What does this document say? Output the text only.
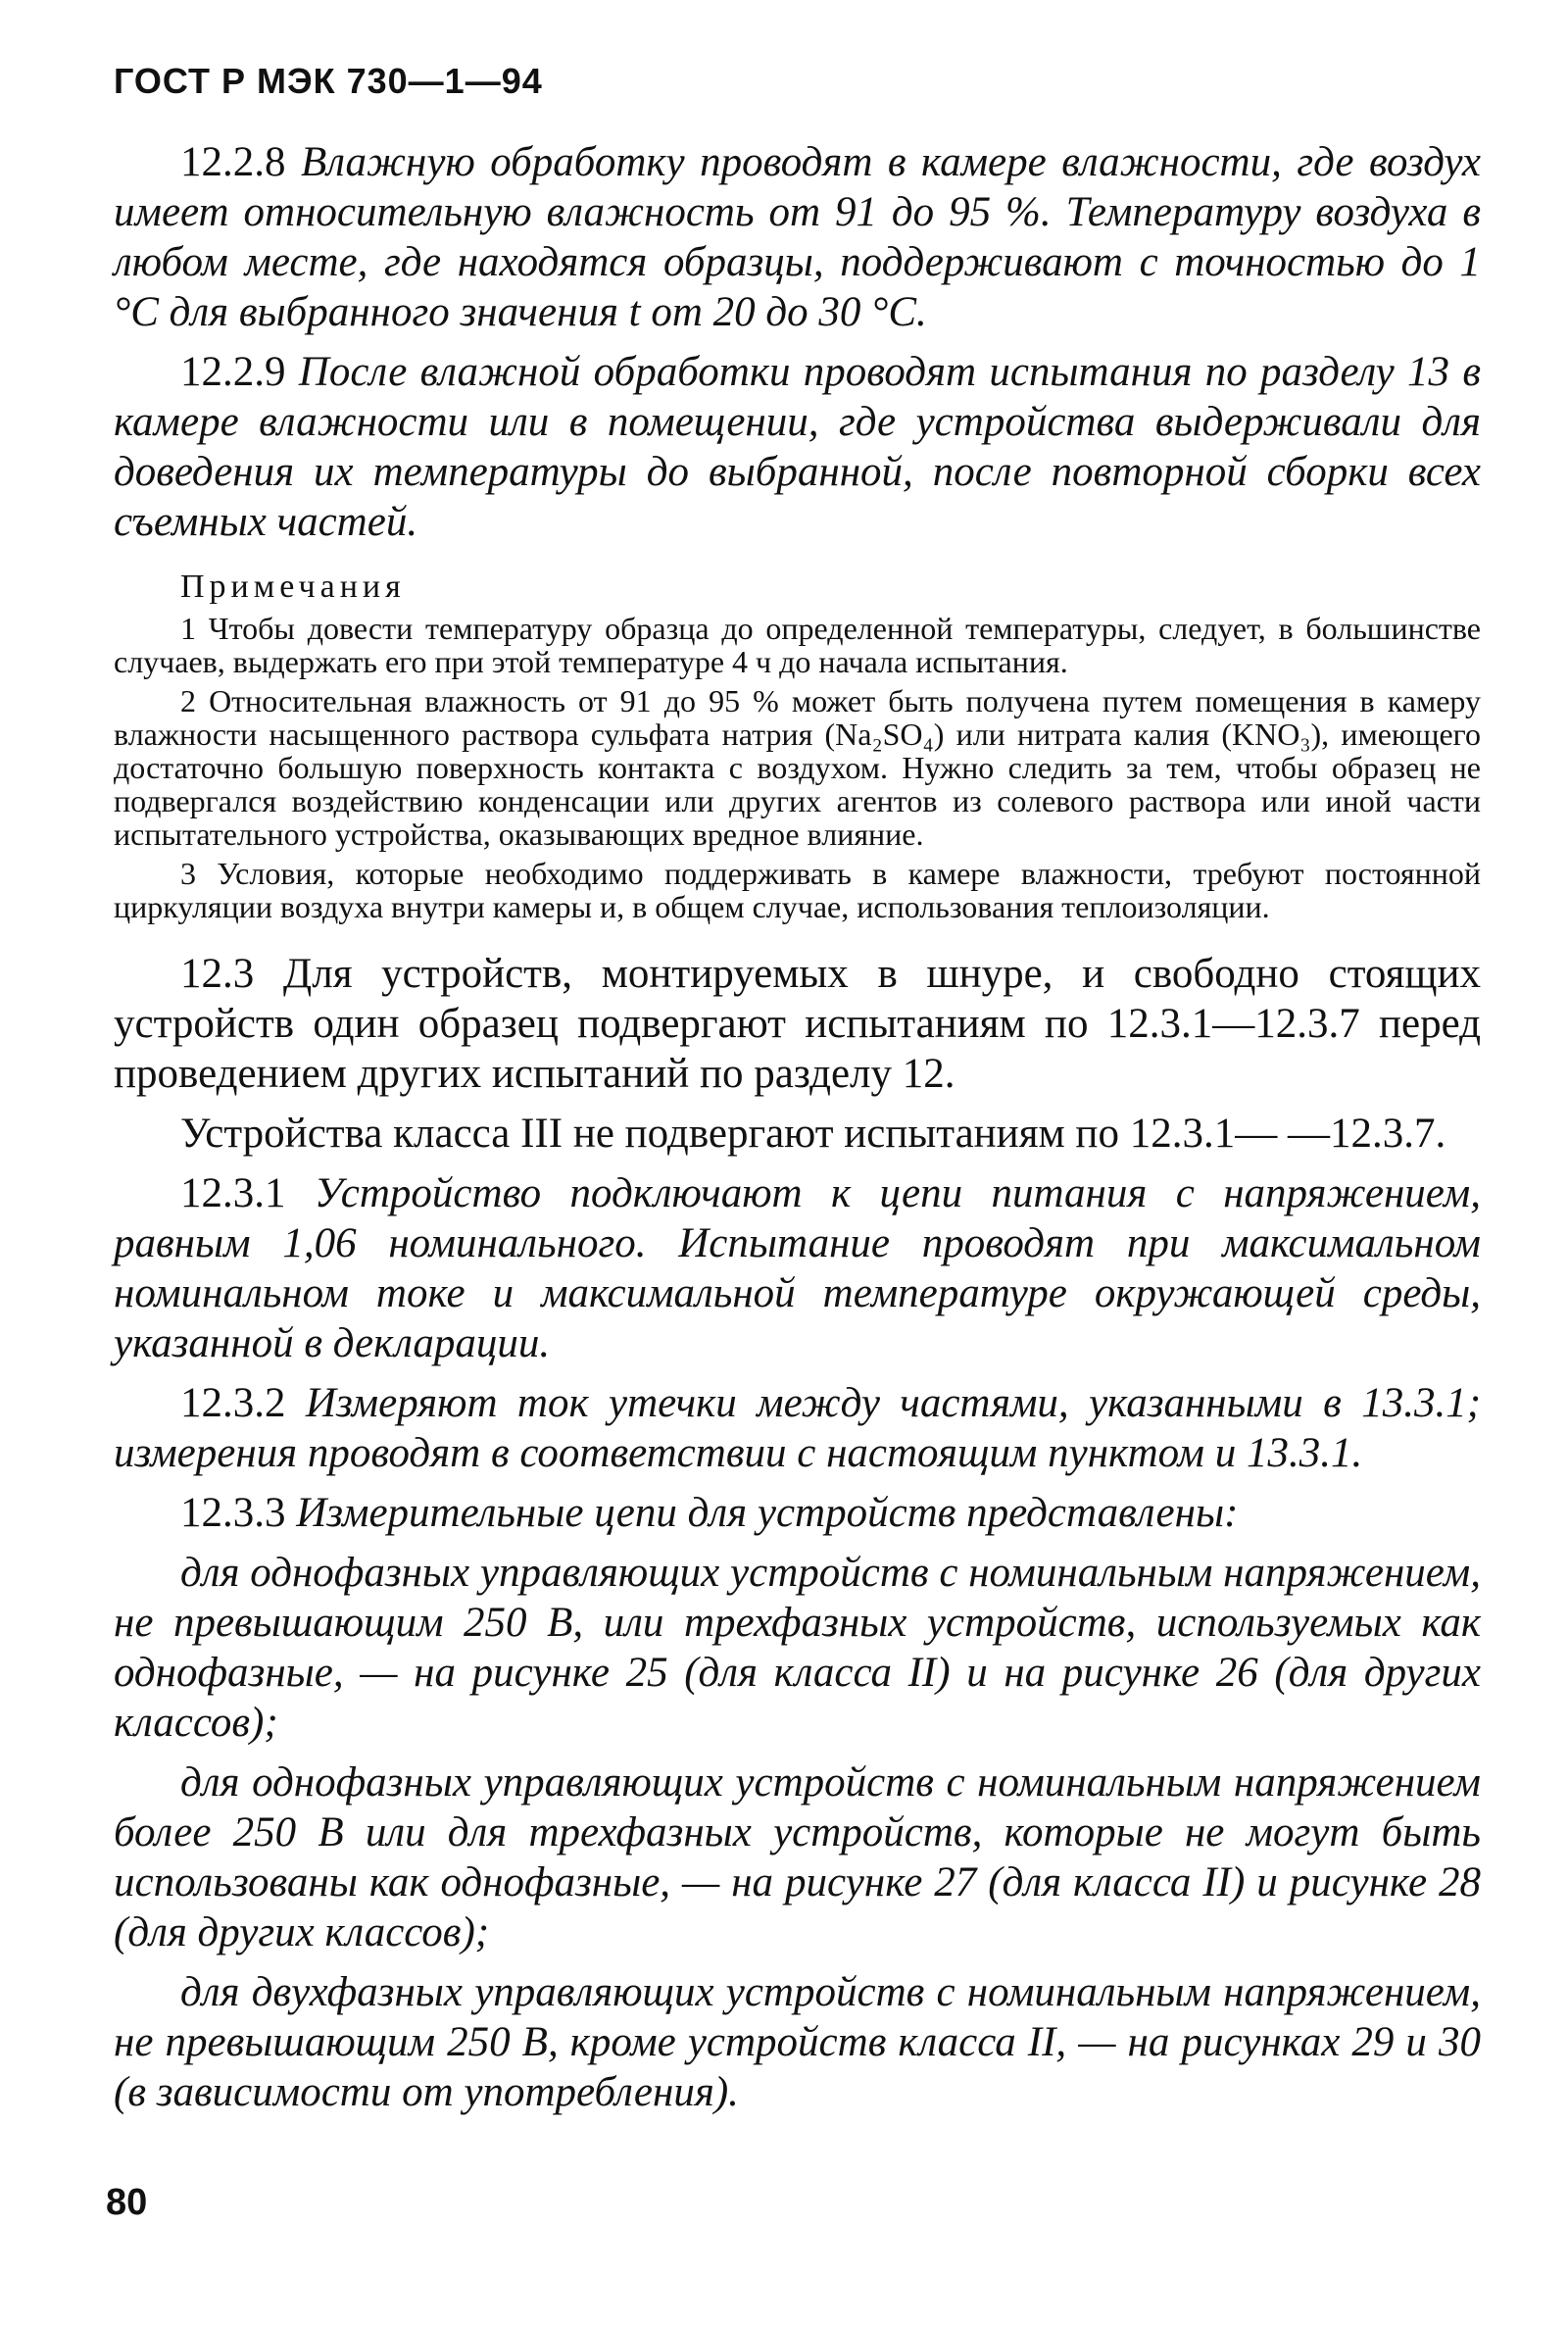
ГОСТ Р МЭК 730—1—94

12.2.8 Влажную обработку проводят в камере влажности, где воздух имеет относительную влажность от 91 до 95 %. Температуру воздуха в любом месте, где находятся образцы, поддерживают с точностью до 1 °C для выбранного значения t от 20 до 30 °C.

12.2.9 После влажной обработки проводят испытания по разделу 13 в камере влажности или в помещении, где устройства выдерживали для доведения их температуры до выбранной, после повторной сборки всех съемных частей.

Примечания

1 Чтобы довести температуру образца до определенной температуры, следует, в большинстве случаев, выдержать его при этой температуре 4 ч до начала испытания.

2 Относительная влажность от 91 до 95 % может быть получена путем помещения в камеру влажности насыщенного раствора сульфата натрия (Na₂SO₄) или нитрата калия (KNO₃), имеющего достаточно большую поверхность контакта с воздухом. Нужно следить за тем, чтобы образец не подвергался воздействию конденсации или других агентов из солевого раствора или иной части испытательного устройства, оказывающих вредное влияние.

3 Условия, которые необходимо поддерживать в камере влажности, требуют постоянной циркуляции воздуха внутри камеры и, в общем случае, использования теплоизоляции.

12.3 Для устройств, монтируемых в шнуре, и свободно стоящих устройств один образец подвергают испытаниям по 12.3.1—12.3.7 перед проведением других испытаний по разделу 12.

Устройства класса III не подвергают испытаниям по 12.3.1— —12.3.7.

12.3.1 Устройство подключают к цепи питания с напряжением, равным 1,06 номинального. Испытание проводят при максимальном номинальном токе и максимальной температуре окружающей среды, указанной в декларации.

12.3.2 Измеряют ток утечки между частями, указанными в 13.3.1; измерения проводят в соответствии с настоящим пунктом и 13.3.1.

12.3.3 Измерительные цепи для устройств представлены:

для однофазных управляющих устройств с номинальным напряжением, не превышающим 250 В, или трехфазных устройств, используемых как однофазные, — на рисунке 25 (для класса II) и на рисунке 26 (для других классов);

для однофазных управляющих устройств с номинальным напряжением более 250 В или для трехфазных устройств, которые не могут быть использованы как однофазные, — на рисунке 27 (для класса II) и рисунке 28 (для других классов);

для двухфазных управляющих устройств с номинальным напряжением, не превышающим 250 В, кроме устройств класса II, — на рисунках 29 и 30 (в зависимости от употребления).

80
